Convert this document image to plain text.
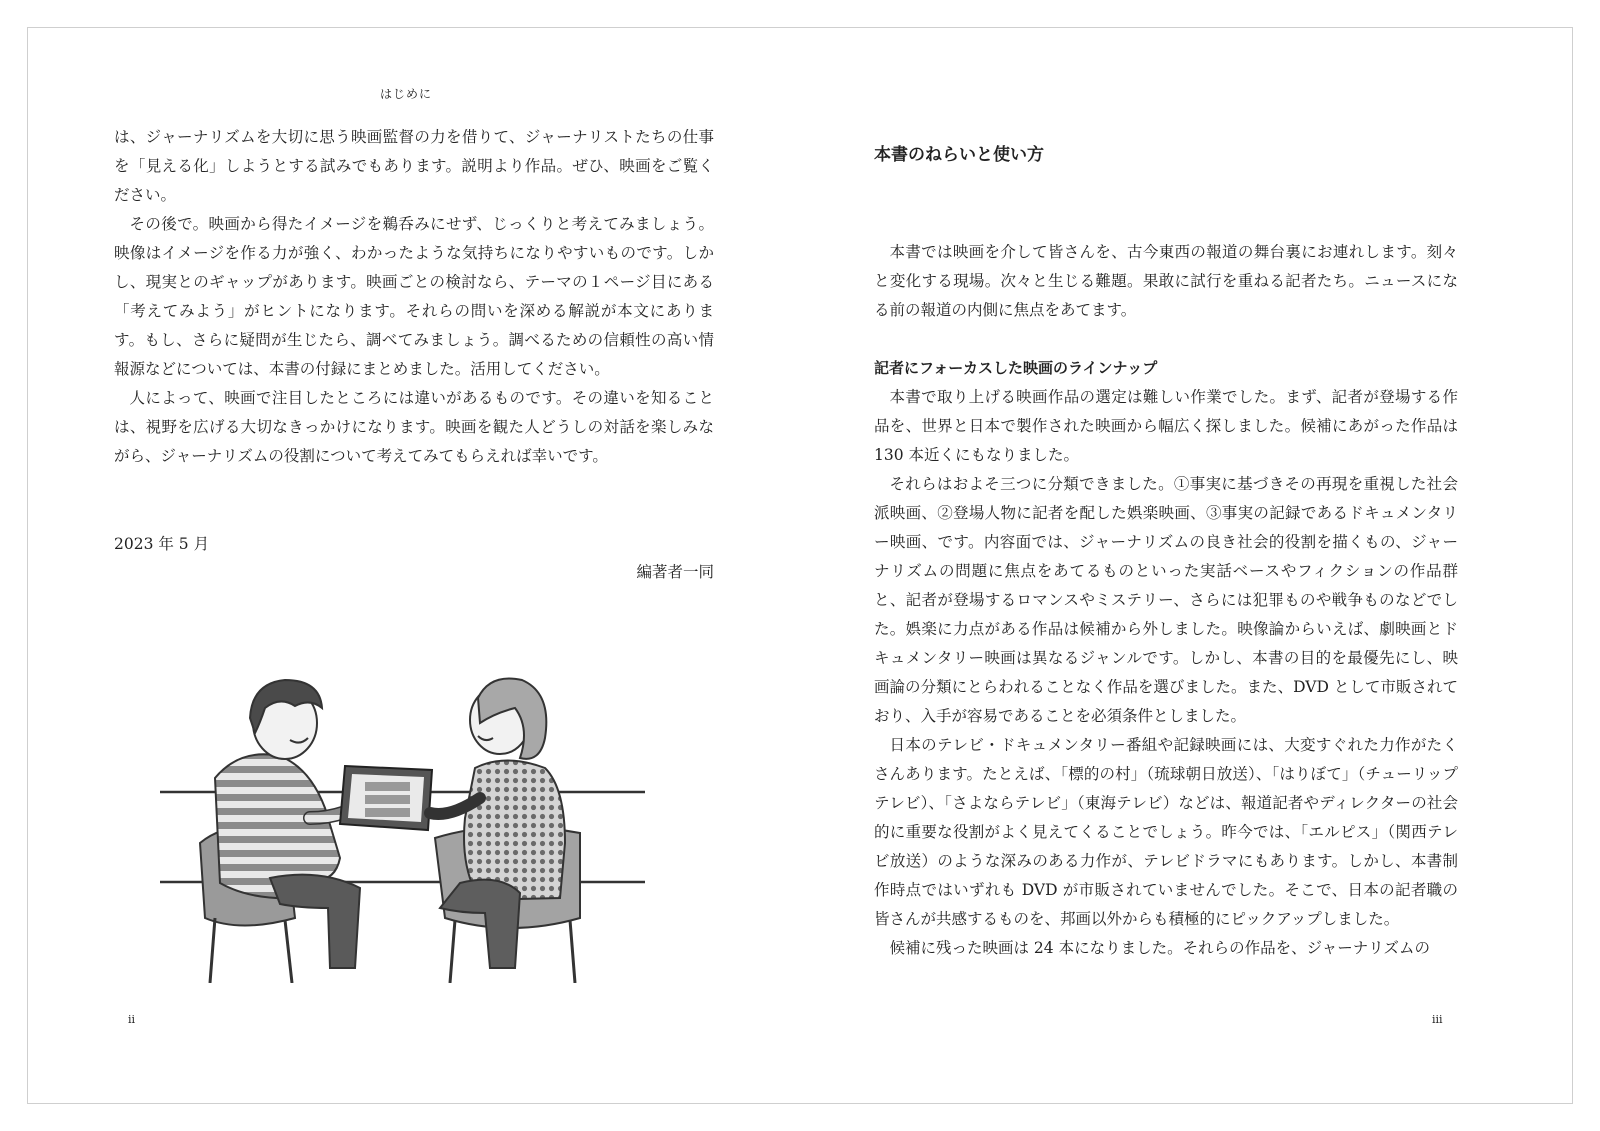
はじめに

は、ジャーナリズムを大切に思う映画監督の力を借りて、ジャーナリストたちの仕事を「見える化」しようとする試みでもあります。説明より作品。ぜひ、映画をご覧ください。

その後で。映画から得たイメージを鵜呑みにせず、じっくりと考えてみましょう。映像はイメージを作る力が強く、わかったような気持ちになりやすいものです。しかし、現実とのギャップがあります。映画ごとの検討なら、テーマの１ページ目にある「考えてみよう」がヒントになります。それらの問いを深める解説が本文にあります。もし、さらに疑問が生じたら、調べてみましょう。調べるための信頼性の高い情報源などについては、本書の付録にまとめました。活用してください。

人によって、映画で注目したところには違いがあるものです。その違いを知ることは、視野を広げる大切なきっかけになります。映画を観た人どうしの対話を楽しみながら、ジャーナリズムの役割について考えてみてもらえれば幸いです。

2023 年 5 月
編著者一同
ii
本書のねらいと使い方

本書では映画を介して皆さんを、古今東西の報道の舞台裏にお連れします。刻々と変化する現場。次々と生じる難題。果敢に試行を重ねる記者たち。ニュースになる前の報道の内側に焦点をあてます。

記者にフォーカスした映画のラインナップ

本書で取り上げる映画作品の選定は難しい作業でした。まず、記者が登場する作品を、世界と日本で製作された映画から幅広く探しました。候補にあがった作品は 130 本近くにもなりました。

それらはおよそ三つに分類できました。①事実に基づきその再現を重視した社会派映画、②登場人物に記者を配した娯楽映画、③事実の記録であるドキュメンタリー映画、です。内容面では、ジャーナリズムの良き社会的役割を描くもの、ジャーナリズムの問題に焦点をあてるものといった実話ベースやフィクションの作品群と、記者が登場するロマンスやミステリー、さらには犯罪ものや戦争ものなどでした。娯楽に力点がある作品は候補から外しました。映像論からいえば、劇映画とドキュメンタリー映画は異なるジャンルです。しかし、本書の目的を最優先にし、映画論の分類にとらわれることなく作品を選びました。また、DVD として市販されており、入手が容易であることを必須条件としました。

日本のテレビ・ドキュメンタリー番組や記録映画には、大変すぐれた力作がたくさんあります。たとえば、「標的の村」（琉球朝日放送）、「はりぼて」（チューリップテレビ）、「さよならテレビ」（東海テレビ）などは、報道記者やディレクターの社会的に重要な役割がよく見えてくることでしょう。昨今では、「エルピス」（関西テレビ放送）のような深みのある力作が、テレビドラマにもあります。しかし、本書制作時点ではいずれも DVD が市販されていませんでした。そこで、日本の記者職の皆さんが共感するものを、邦画以外からも積極的にピックアップしました。

候補に残った映画は 24 本になりました。それらの作品を、ジャーナリズムの

iii
